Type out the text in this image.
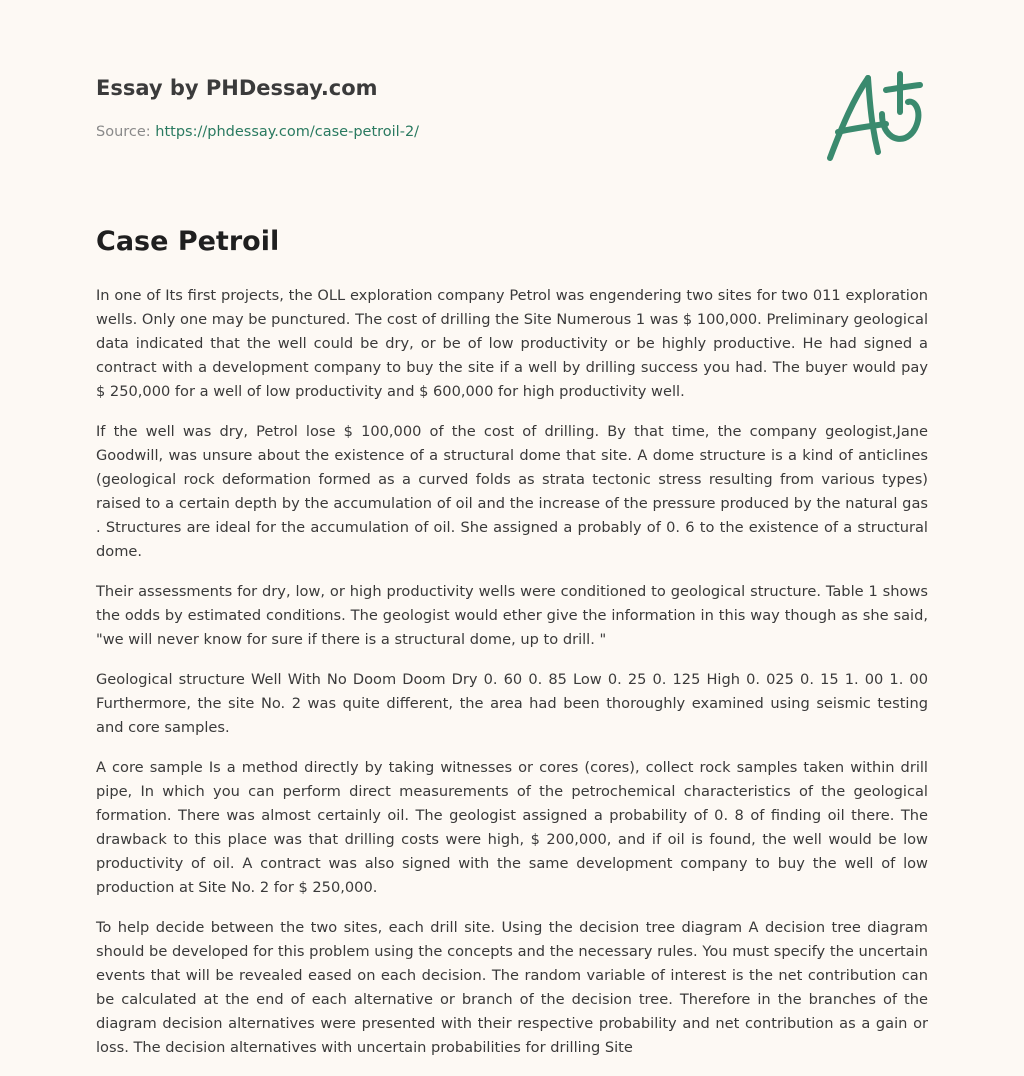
Essay by PHDessay.com

Source: https://phdessay.com/case-petroil-2/

Case Petroil

In one of Its first projects, the OLL exploration company Petrol was engendering two sites for two 011 exploration wells. Only one may be punctured. The cost of drilling the Site Numerous 1 was $ 100,000. Preliminary geological data indicated that the well could be dry, or be of low productivity or be highly productive. He had signed a contract with a development company to buy the site if a well by drilling success you had. The buyer would pay $ 250,000 for a well of low productivity and $ 600,000 for high productivity well.

If the well was dry, Petrol lose $ 100,000 of the cost of drilling. By that time, the company geologist,Jane Goodwill, was unsure about the existence of a structural dome that site. A dome structure is a kind of anticlines (geological rock deformation formed as a curved folds as strata tectonic stress resulting from various types) raised to a certain depth by the accumulation of oil and the increase of the pressure produced by the natural gas . Structures are ideal for the accumulation of oil. She assigned a probably of 0. 6 to the existence of a structural dome.

Their assessments for dry, low, or high productivity wells were conditioned to geological structure. Table 1 shows the odds by estimated conditions. The geologist would ether give the information in this way though as she said, "we will never know for sure if there is a structural dome, up to drill. "

Geological structure Well With No Doom Doom Dry 0. 60 0. 85 Low 0. 25 0. 125 High 0. 025 0. 15 1. 00 1. 00 Furthermore, the site No. 2 was quite different, the area had been thoroughly examined using seismic testing and core samples.

A core sample Is a method directly by taking witnesses or cores (cores), collect rock samples taken within drill pipe, In which you can perform direct measurements of the petrochemical characteristics of the geological formation. There was almost certainly oil. The geologist assigned a probability of 0. 8 of finding oil there. The drawback to this place was that drilling costs were high, $ 200,000, and if oil is found, the well would be low productivity of oil. A contract was also signed with the same development company to buy the well of low production at Site No. 2 for $ 250,000.

To help decide between the two sites, each drill site. Using the decision tree diagram A decision tree diagram should be developed for this problem using the concepts and the necessary rules. You must specify the uncertain events that will be revealed eased on each decision. The random variable of interest is the net contribution can be calculated at the end of each alternative or branch of the decision tree. Therefore in the branches of the diagram decision alternatives were presented with their respective probability and net contribution as a gain or loss. The decision alternatives with uncertain probabilities for drilling Site
